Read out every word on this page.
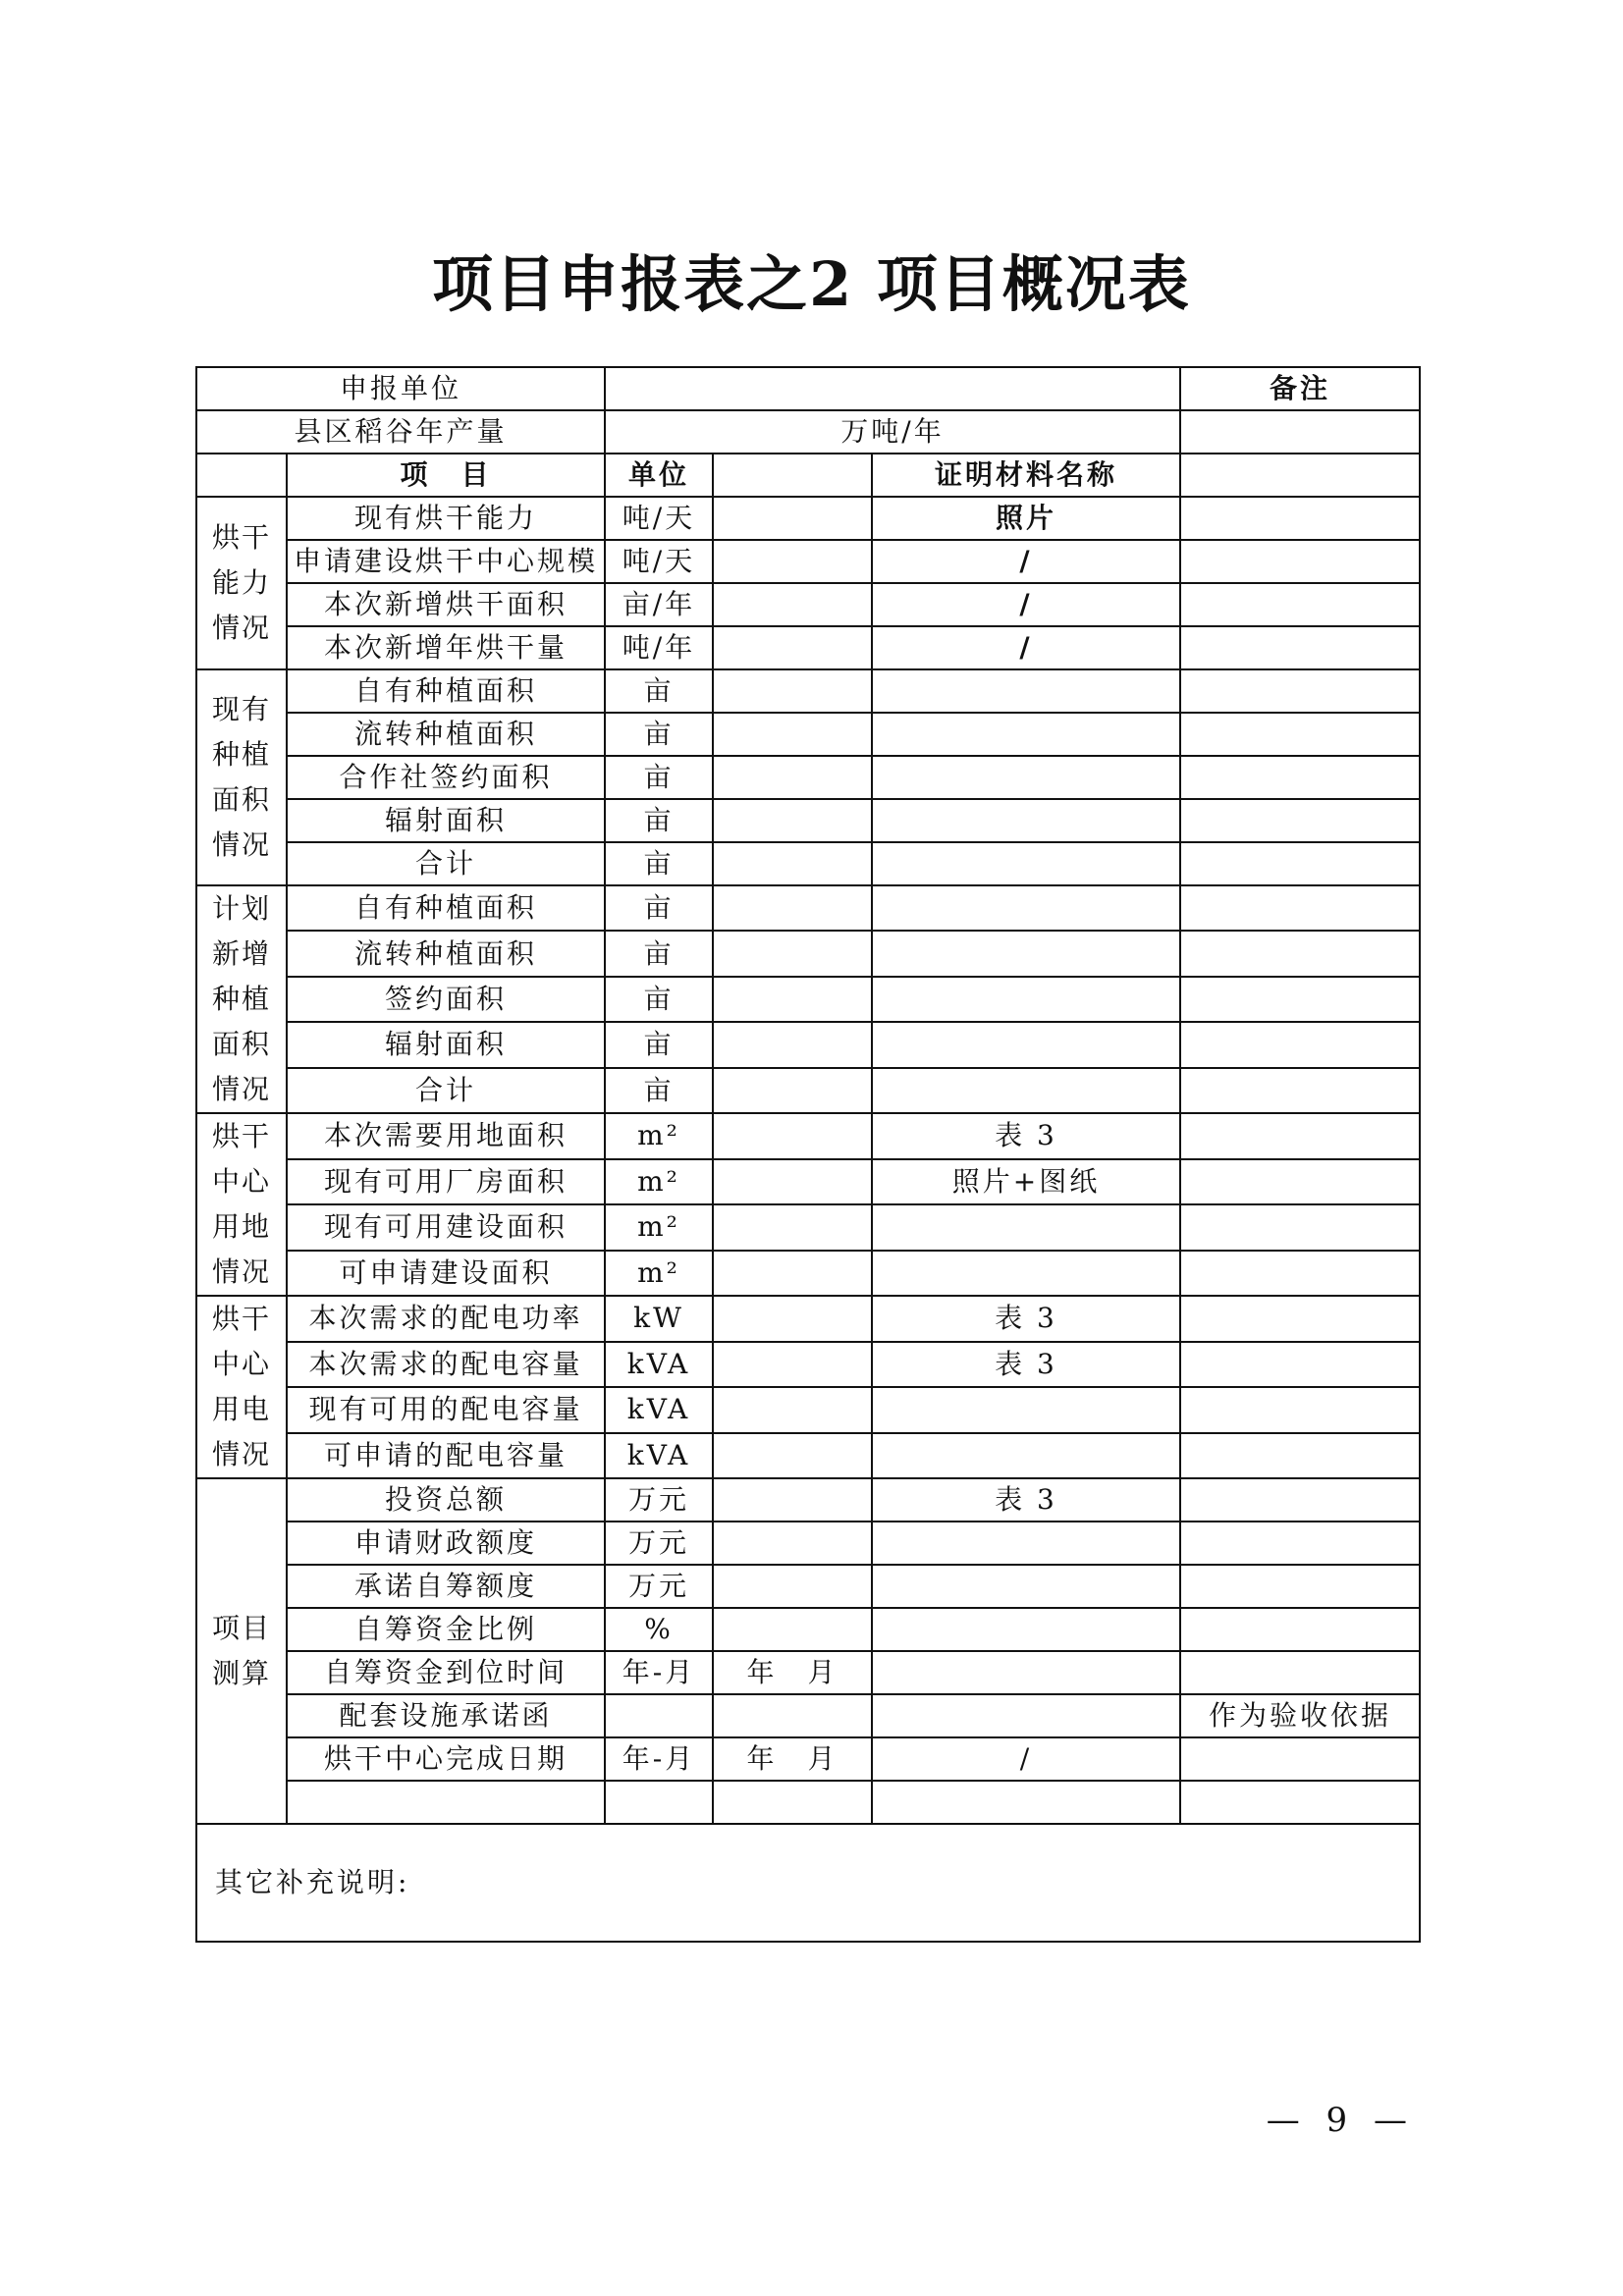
项目申报表之2 项目概况表
申报单位					备注
县区稻谷年产量		万吨/年			
	项　目	单位		证明材料名称	
烘干能力情况	现有烘干能力	吨/天		照片	
	申请建设烘干中心规模	吨/天		/	
	本次新增烘干面积	亩/年		/	
	本次新增年烘干量	吨/年		/	
现有种植面积情况	自有种植面积	亩			
	流转种植面积	亩			
	合作社签约面积	亩			
	辐射面积	亩			
	合计	亩			
计划新增种植面积情况	自有种植面积	亩			
	流转种植面积	亩			
	签约面积	亩			
	辐射面积	亩			
	合计	亩			
烘干中心用地情况	本次需要用地面积	m²		表 3	
	现有可用厂房面积	m²		照片+图纸	
	现有可用建设面积	m²			
	可申请建设面积	m²			
烘干中心用电情况	本次需求的配电功率	kW		表 3	
	本次需求的配电容量	kVA		表 3	
	现有可用的配电容量	kVA			
	可申请的配电容量	kVA			
项目测算	投资总额	万元		表 3	
	申请财政额度	万元			
	承诺自筹额度	万元			
	自筹资金比例	%			
	自筹资金到位时间	年-月	年　月		
	配套设施承诺函				作为验收依据
	烘干中心完成日期	年-月	年　月	/	

其它补充说明:					
— 9 —
